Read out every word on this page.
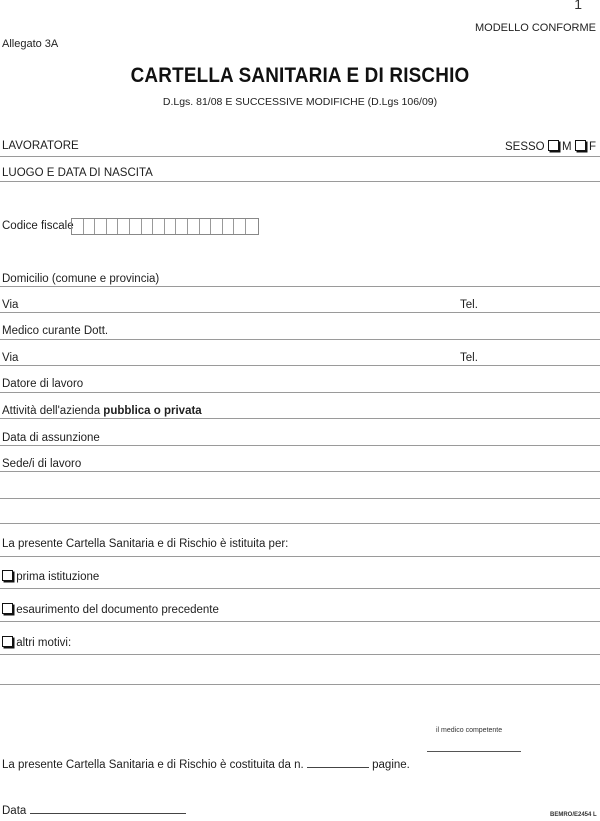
1
MODELLO CONFORME
Allegato 3A
CARTELLA SANITARIA E DI RISCHIO
D.Lgs. 81/08 E SUCCESSIVE MODIFICHE (D.Lgs 106/09)
LAVORATORE	SESSO M F
LUOGO E DATA DI NASCITA
Codice fiscale
Domicilio (comune e provincia)
Via	Tel.
Medico curante Dott.
Via	Tel.
Datore di lavoro
Attività dell'azienda pubblica o privata
Data di assunzione
Sede/i di lavoro
La presente Cartella Sanitaria e di Rischio è istituita per:
prima istituzione
esaurimento del documento precedente
altri motivi:
il medico competente
La presente Cartella Sanitaria e di Rischio è costituita da n.	pagine.
Data	BEMRO/E2454 L
